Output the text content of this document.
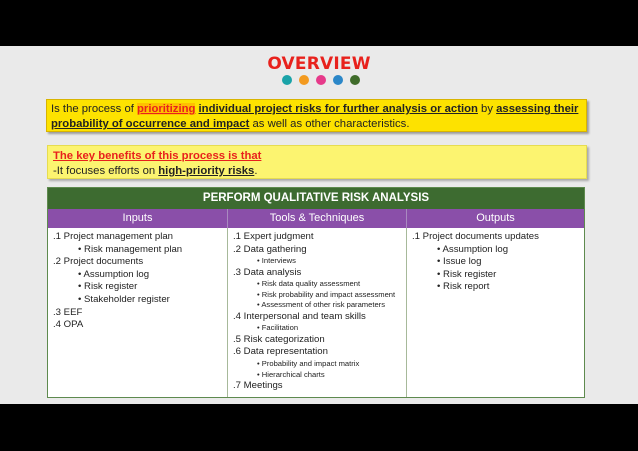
OVERVIEW
Is the process of prioritizing individual project risks for further analysis or action by assessing their probability of occurrence and impact as well as other characteristics.
The key benefits of this process is that
-It focuses efforts on high-priority risks.
PERFORM QUALITATIVE RISK ANALYSIS
Inputs	Tools & Techniques	Outputs
.1 Project management plan
• Risk management plan
.2 Project documents
• Assumption log
• Risk register
• Stakeholder register
.3 EEF
.4 OPA
.1 Expert judgment
.2 Data gathering
• Interviews
.3 Data analysis
• Risk data quality assessment
• Risk probability and impact assessment
• Assessment of other risk parameters
.4 Interpersonal and team skills
• Facilitation
.5 Risk categorization
.6 Data representation
• Probability and impact matrix
• Hierarchical charts
.7 Meetings
.1 Project documents updates
• Assumption log
• Issue log
• Risk register
• Risk report
